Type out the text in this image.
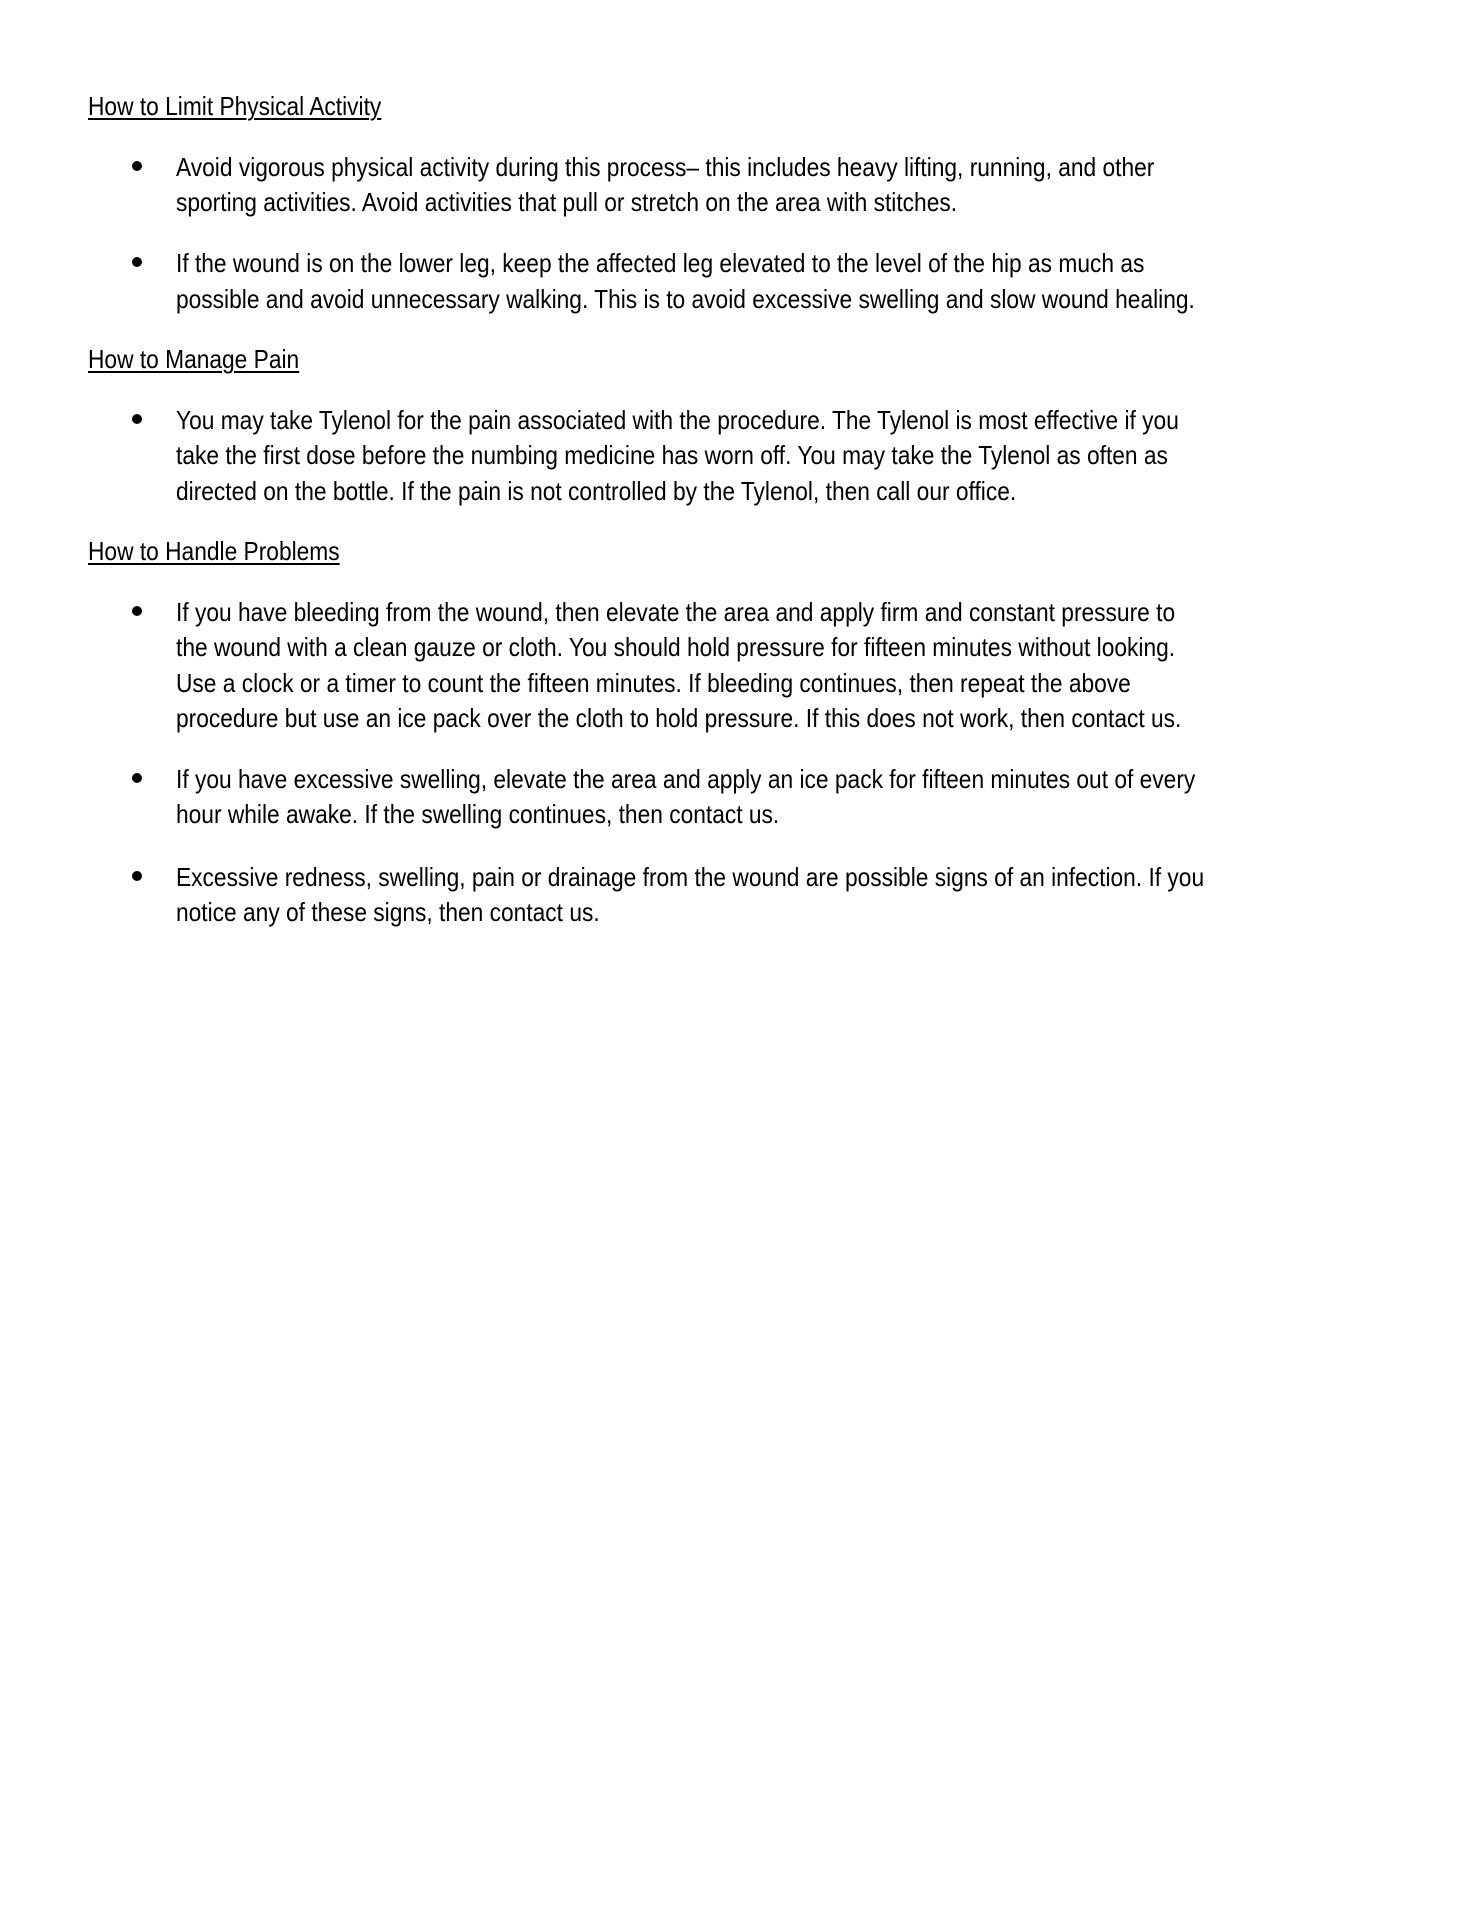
How to Limit Physical Activity
Avoid vigorous physical activity during this process– this includes heavy lifting, running, and other
sporting activities. Avoid activities that pull or stretch on the area with stitches.
If the wound is on the lower leg, keep the affected leg elevated to the level of the hip as much as
possible and avoid unnecessary walking. This is to avoid excessive swelling and slow wound healing.
How to Manage Pain
You may take Tylenol for the pain associated with the procedure. The Tylenol is most effective if you
take the first dose before the numbing medicine has worn off. You may take the Tylenol as often as
directed on the bottle. If the pain is not controlled by the Tylenol, then call our office.
How to Handle Problems
If you have bleeding from the wound, then elevate the area and apply firm and constant pressure to
the wound with a clean gauze or cloth. You should hold pressure for fifteen minutes without looking.
Use a clock or a timer to count the fifteen minutes. If bleeding continues, then repeat the above
procedure but use an ice pack over the cloth to hold pressure. If this does not work, then contact us.
If you have excessive swelling, elevate the area and apply an ice pack for fifteen minutes out of every
hour while awake. If the swelling continues, then contact us.
Excessive redness, swelling, pain or drainage from the wound are possible signs of an infection. If you
notice any of these signs, then contact us.
